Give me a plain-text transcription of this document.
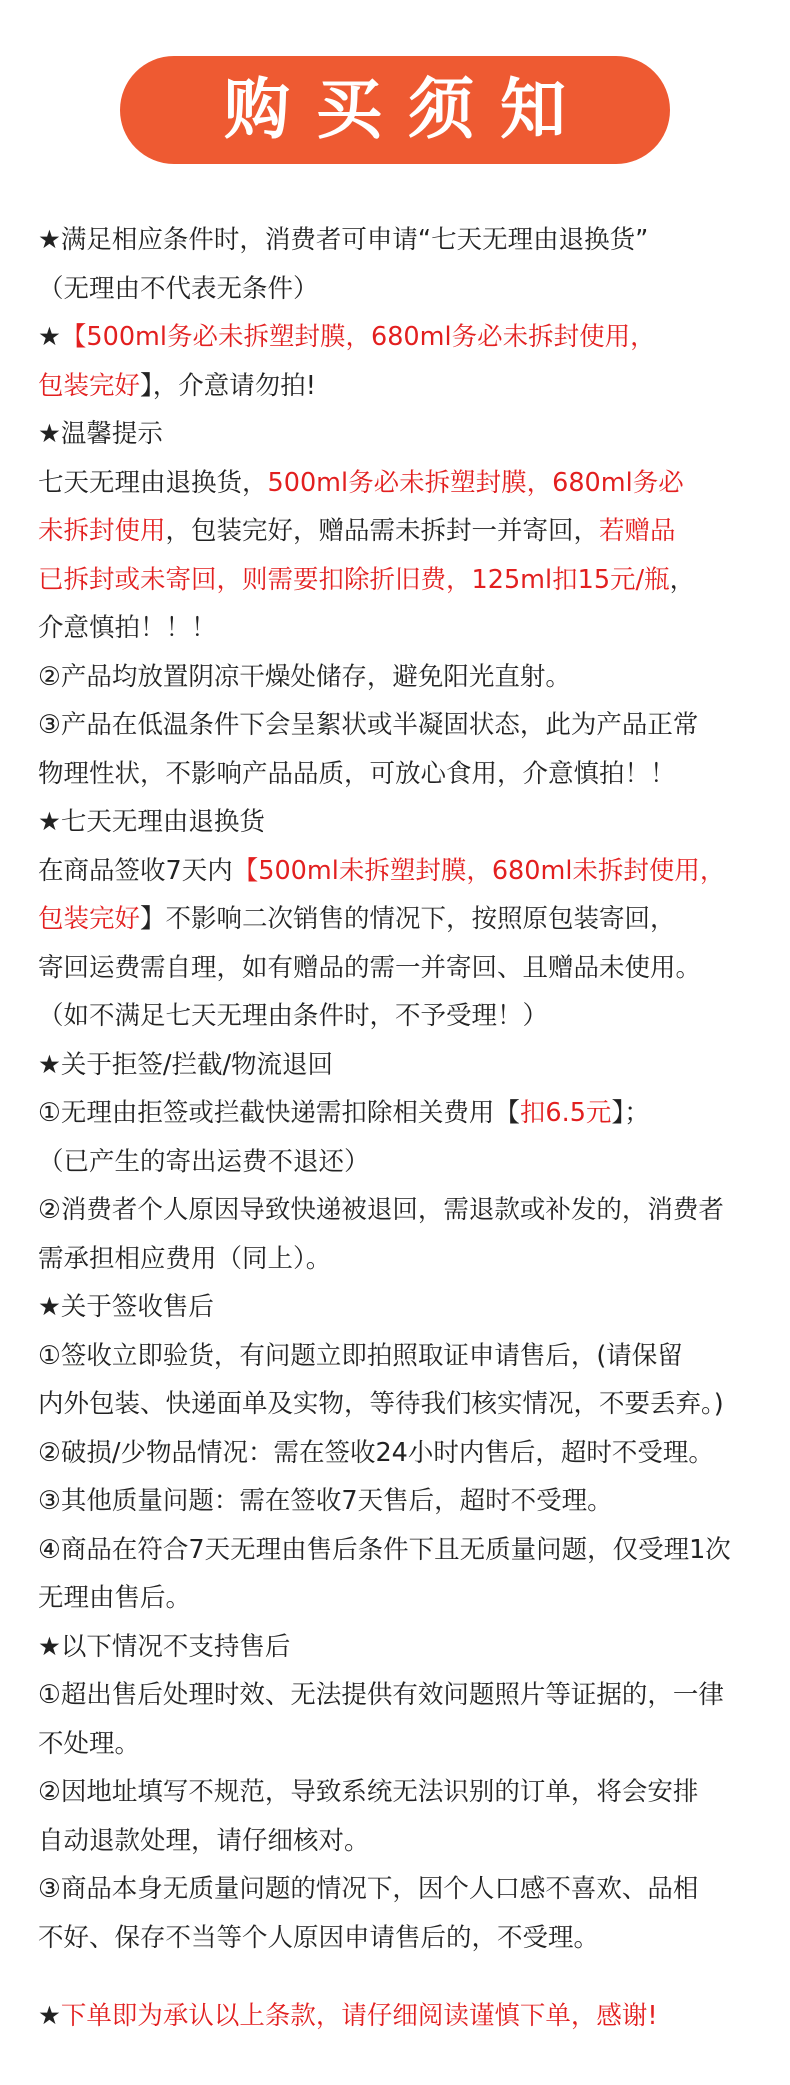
购买须知
★满足相应条件时，消费者可申请“七天无理由退换货”
（无理由不代表无条件）
★【500ml务必未拆塑封膜，680ml务必未拆封使用，
包装完好】，介意请勿拍!
★温馨提示
七天无理由退换货，500ml务必未拆塑封膜，680ml务必
未拆封使用，包装完好，赠品需未拆封一并寄回，若赠品
已拆封或未寄回，则需要扣除折旧费，125ml扣15元/瓶，
介意慎拍！！！
②产品均放置阴凉干燥处储存，避免阳光直射。
③产品在低温条件下会呈絮状或半凝固状态，此为产品正常
物理性状，不影响产品品质，可放心食用，介意慎拍！！
★七天无理由退换货
在商品签收7天内【500ml未拆塑封膜，680ml未拆封使用，
包装完好】不影响二次销售的情况下，按照原包装寄回，
寄回运费需自理，如有赠品的需一并寄回、且赠品未使用。
（如不满足七天无理由条件时，不予受理！）
★关于拒签/拦截/物流退回
①无理由拒签或拦截快递需扣除相关费用【扣6.5元】；
（已产生的寄出运费不退还）
②消费者个人原因导致快递被退回，需退款或补发的，消费者
需承担相应费用（同上）。
★关于签收售后
①签收立即验货，有问题立即拍照取证申请售后，(请保留
内外包装、快递面单及实物，等待我们核实情况，不要丢弃。)
②破损/少物品情况：需在签收24小时内售后，超时不受理。
③其他质量问题：需在签收7天售后，超时不受理。
④商品在符合7天无理由售后条件下且无质量问题，仅受理1次
无理由售后。
★以下情况不支持售后
①超出售后处理时效、无法提供有效问题照片等证据的，一律
不处理。
②因地址填写不规范，导致系统无法识别的订单，将会安排
自动退款处理，请仔细核对。
③商品本身无质量问题的情况下，因个人口感不喜欢、品相
不好、保存不当等个人原因申请售后的，不受理。
★下单即为承认以上条款，请仔细阅读谨慎下单，感谢!
